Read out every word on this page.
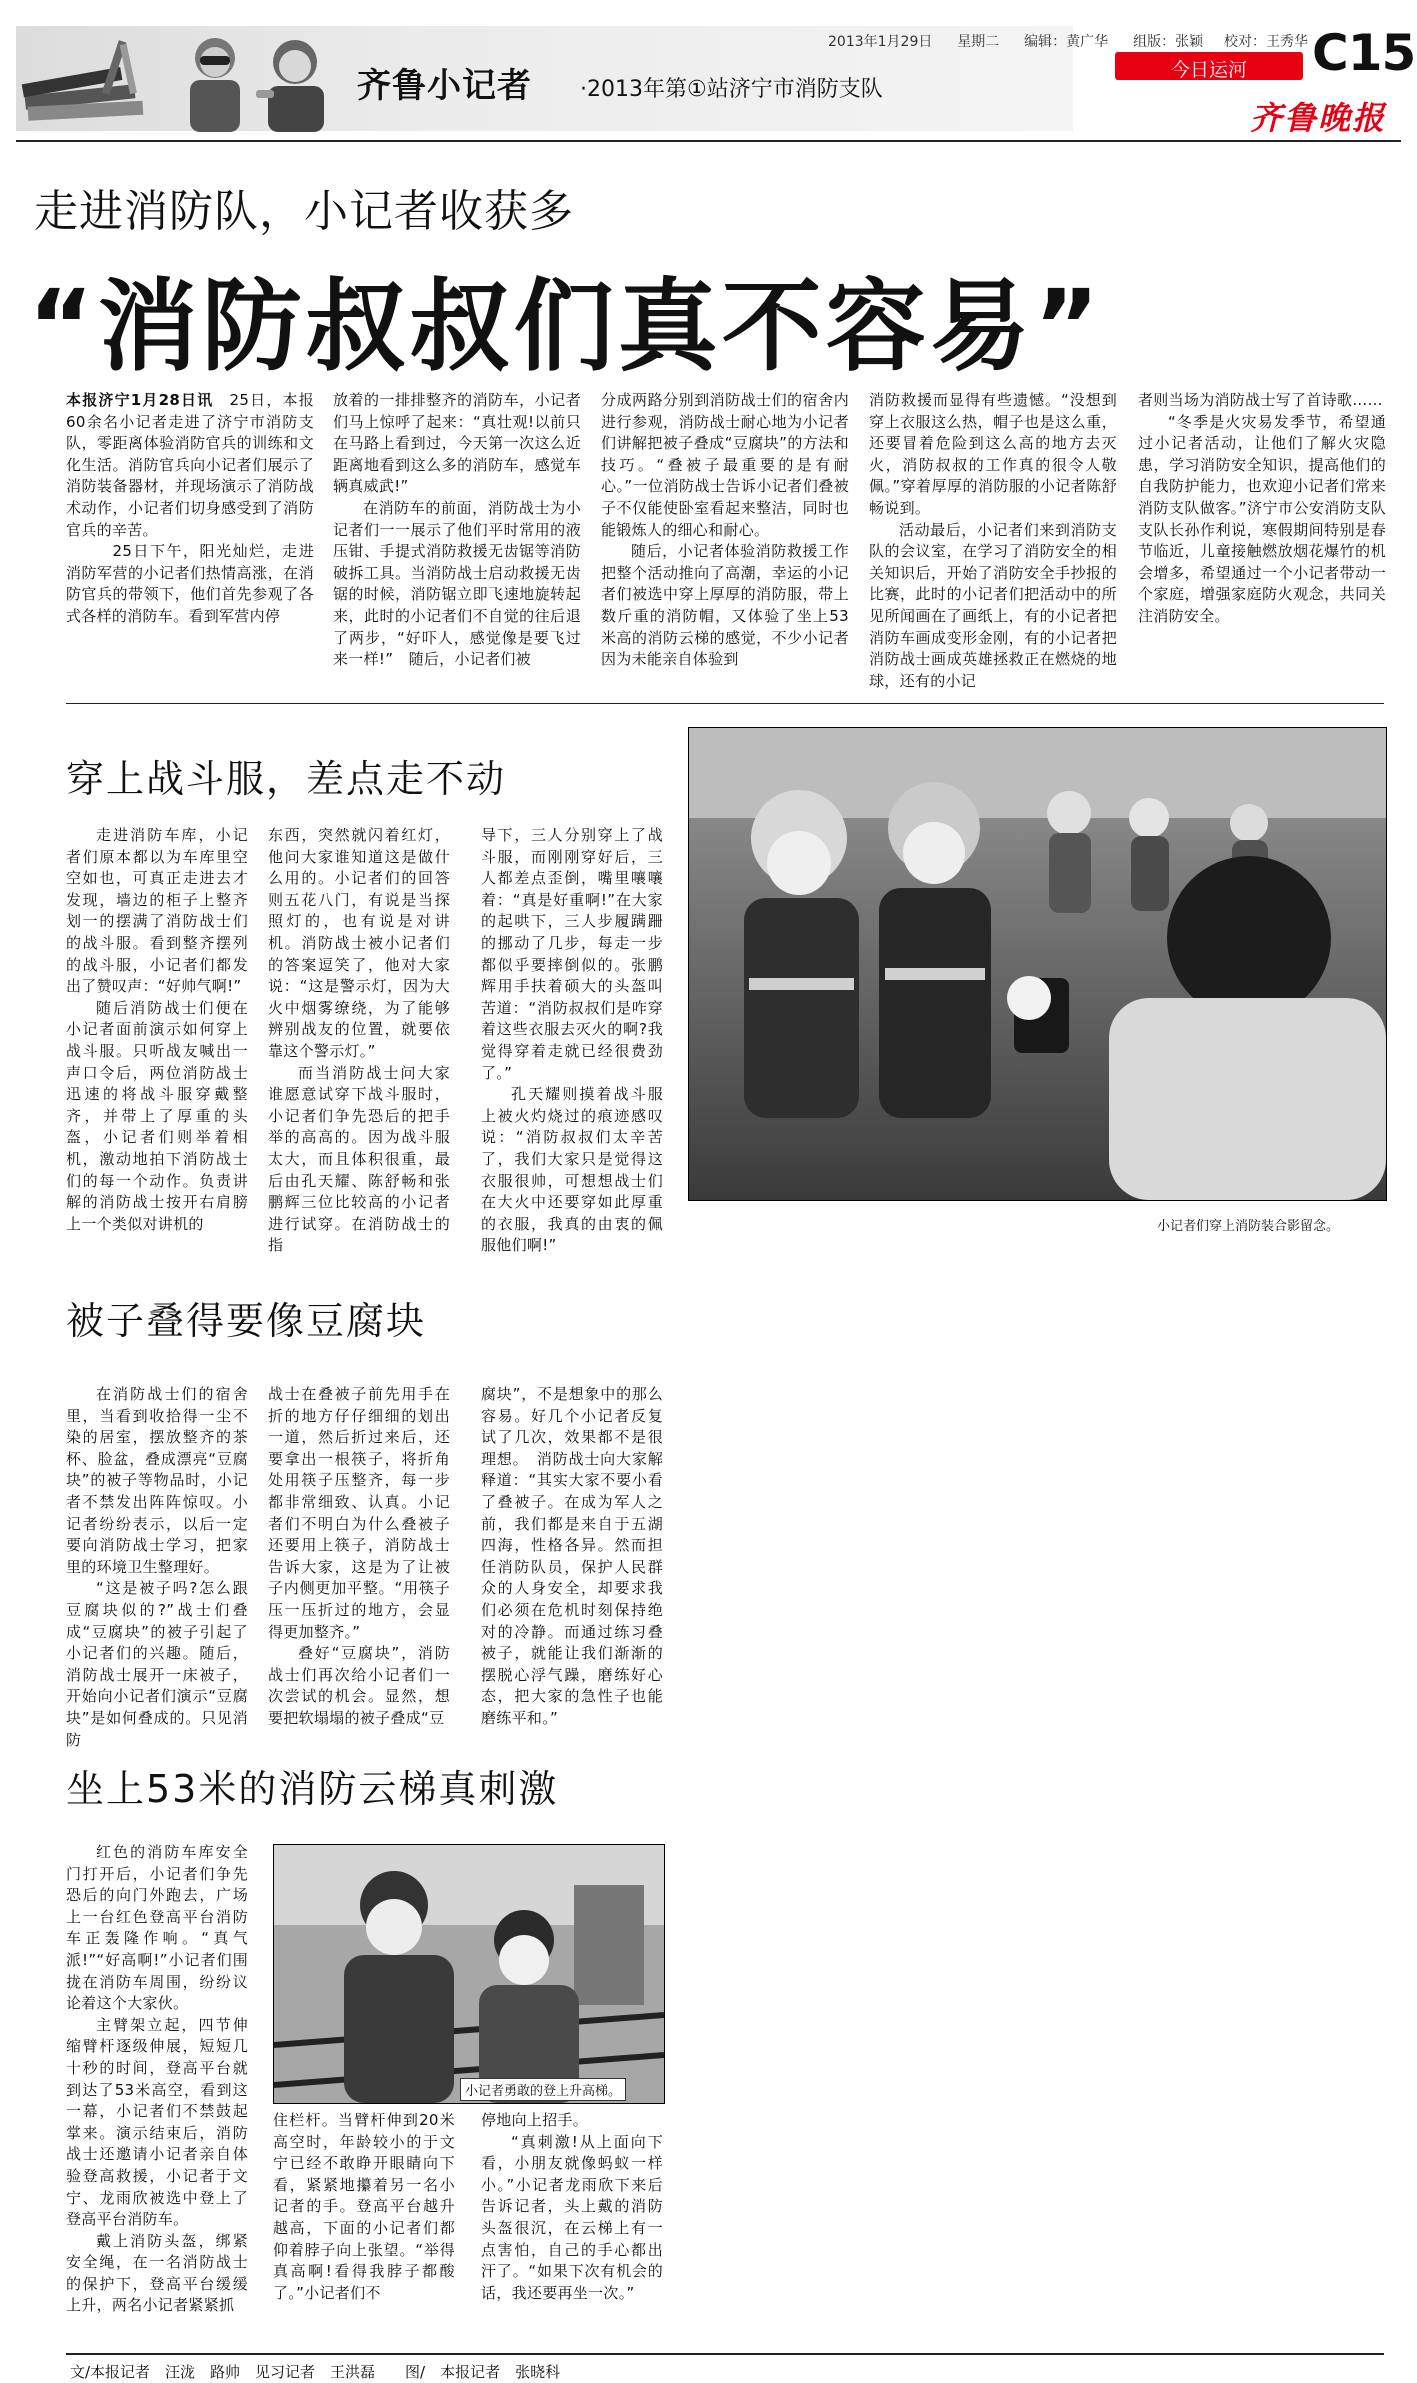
齐鲁小记者 ·2013年第①站济宁市消防支队
2013年1月29日 星期二 编辑：黄广华 组版：张颖 校对：王秀华
今日运河	C15
齐鲁晚报
走进消防队，小记者收获多
“消防叔叔们真不容易”

本报济宁1月28日讯　25日，本报60余名小记者走进了济宁市消防支队，零距离体验消防官兵的训练和文化生活。消防官兵向小记者们展示了消防装备器材，并现场演示了消防战术动作，小记者们切身感受到了消防官兵的辛苦。

　25日下午，阳光灿烂，走进消防军营的小记者们热情高涨，在消防官兵的带领下，他们首先参观了各式各样的消防车。看到军营内停

放着的一排排整齐的消防车，小记者们马上惊呼了起来：“真壮观!以前只在马路上看到过，今天第一次这么近距离地看到这么多的消防车，感觉车辆真威武!”

在消防车的前面，消防战士为小记者们一一展示了他们平时常用的液压钳、手提式消防救援无齿锯等消防破拆工具。当消防战士启动救援无齿锯的时候，消防锯立即飞速地旋转起来，此时的小记者们不自觉的往后退了两步，“好吓人，感觉像是要飞过来一样!”　随后，小记者们被

分成两路分别到消防战士们的宿舍内进行参观，消防战士耐心地为小记者们讲解把被子叠成“豆腐块”的方法和技巧。“叠被子最重要的是有耐心。”一位消防战士告诉小记者们叠被子不仅能使卧室看起来整洁，同时也能锻炼人的细心和耐心。

随后，小记者体验消防救援工作把整个活动推向了高潮，幸运的小记者们被选中穿上厚厚的消防服，带上数斤重的消防帽，又体验了坐上53米高的消防云梯的感觉，不少小记者因为未能亲自体验到

消防救援而显得有些遗憾。“没想到穿上衣服这么热，帽子也是这么重，还要冒着危险到这么高的地方去灭火，消防叔叔的工作真的很令人敬佩。”穿着厚厚的消防服的小记者陈舒畅说到。

活动最后，小记者们来到消防支队的会议室，在学习了消防安全的相关知识后，开始了消防安全手抄报的比赛，此时的小记者们把活动中的所见所闻画在了画纸上，有的小记者把消防车画成变形金刚，有的小记者把消防战士画成英雄拯救正在燃烧的地球，还有的小记

者则当场为消防战士写了首诗歌……

“冬季是火灾易发季节，希望通过小记者活动，让他们了解火灾隐患，学习消防安全知识，提高他们的自我防护能力，也欢迎小记者们常来消防支队做客。”济宁市公安消防支队支队长孙作利说，寒假期间特别是春节临近，儿童接触燃放烟花爆竹的机会增多，希望通过一个小记者带动一个家庭，增强家庭防火观念，共同关注消防安全。

穿上战斗服，差点走不动

走进消防车库，小记者们原本都以为车库里空空如也，可真正走进去才发现，墙边的柜子上整齐划一的摆满了消防战士们的战斗服。看到整齐摆列的战斗服，小记者们都发出了赞叹声：“好帅气啊!”

随后消防战士们便在小记者面前演示如何穿上战斗服。只听战友喊出一声口令后，两位消防战士迅速的将战斗服穿戴整齐，并带上了厚重的头盔，小记者们则举着相机，激动地拍下消防战士们的每一个动作。负责讲解的消防战士按开右肩膀上一个类似对讲机的

东西，突然就闪着红灯，他问大家谁知道这是做什么用的。小记者们的回答则五花八门，有说是当探照灯的，也有说是对讲机。消防战士被小记者们的答案逗笑了，他对大家说：“这是警示灯，因为大火中烟雾缭绕，为了能够辨别战友的位置，就要依靠这个警示灯。”

而当消防战士问大家谁愿意试穿下战斗服时，小记者们争先恐后的把手举的高高的。因为战斗服太大，而且体积很重，最后由孔天耀、陈舒畅和张鹏辉三位比较高的小记者进行试穿。在消防战士的指

导下，三人分别穿上了战斗服，而刚刚穿好后，三人都差点歪倒，嘴里嚷嚷着：“真是好重啊!”在大家的起哄下，三人步履蹒跚的挪动了几步，每走一步都似乎要摔倒似的。张鹏辉用手扶着硕大的头盔叫苦道：“消防叔叔们是咋穿着这些衣服去灭火的啊?我觉得穿着走就已经很费劲了。”

孔天耀则摸着战斗服上被火灼烧过的痕迹感叹说：“消防叔叔们太辛苦了，我们大家只是觉得这衣服很帅，可想想战士们在大火中还要穿如此厚重的衣服，我真的由衷的佩服他们啊!”

小记者们穿上消防装合影留念。
被子叠得要像豆腐块

在消防战士们的宿舍里，当看到收拾得一尘不染的居室，摆放整齐的茶杯、脸盆，叠成漂亮“豆腐块”的被子等物品时，小记者不禁发出阵阵惊叹。小记者纷纷表示，以后一定要向消防战士学习，把家里的环境卫生整理好。

“这是被子吗?怎么跟豆腐块似的?”战士们叠成“豆腐块”的被子引起了小记者们的兴趣。随后，消防战士展开一床被子，开始向小记者们演示“豆腐块”是如何叠成的。只见消防

战士在叠被子前先用手在折的地方仔仔细细的划出一道，然后折过来后，还要拿出一根筷子，将折角处用筷子压整齐，每一步都非常细致、认真。小记者们不明白为什么叠被子还要用上筷子，消防战士告诉大家，这是为了让被子内侧更加平整。“用筷子压一压折过的地方，会显得更加整齐。”

叠好“豆腐块”，消防战士们再次给小记者们一次尝试的机会。显然，想要把软塌塌的被子叠成“豆

腐块”，不是想象中的那么容易。好几个小记者反复试了几次，效果都不是很理想。　消防战士向大家解释道：“其实大家不要小看了叠被子。在成为军人之前，我们都是来自于五湖四海，性格各异。然而担任消防队员，保护人民群众的人身安全，却要求我们必须在危机时刻保持绝对的冷静。而通过练习叠被子，就能让我们渐渐的摆脱心浮气躁，磨练好心态，把大家的急性子也能磨练平和。”

坐上53米的消防云梯真刺激

红色的消防车库安全门打开后，小记者们争先恐后的向门外跑去，广场上一台红色登高平台消防车正轰隆作响。“真气派!”“好高啊!”小记者们围拢在消防车周围，纷纷议论着这个大家伙。

主臂架立起，四节伸缩臂杆逐级伸展，短短几十秒的时间，登高平台就到达了53米高空，看到这一幕，小记者们不禁鼓起掌来。演示结束后，消防战士还邀请小记者亲自体验登高救援，小记者于文宁、龙雨欣被选中登上了登高平台消防车。

戴上消防头盔，绑紧安全绳，在一名消防战士的保护下，登高平台缓缓上升，两名小记者紧紧抓

小记者勇敢的登上升高梯。

住栏杆。当臂杆伸到20米高空时，年龄较小的于文宁已经不敢睁开眼睛向下看，紧紧地攥着另一名小记者的手。登高平台越升越高，下面的小记者们都仰着脖子向上张望。“举得真高啊!看得我脖子都酸了。”小记者们不

停地向上招手。

“真刺激!从上面向下看，小朋友就像蚂蚁一样小。”小记者龙雨欣下来后告诉记者，头上戴的消防头盔很沉，在云梯上有一点害怕，自己的手心都出汗了。“如果下次有机会的话，我还要再坐一次。”

文/本报记者　汪泷　路帅　见习记者　王洪磊　　图/　本报记者　张晓科
